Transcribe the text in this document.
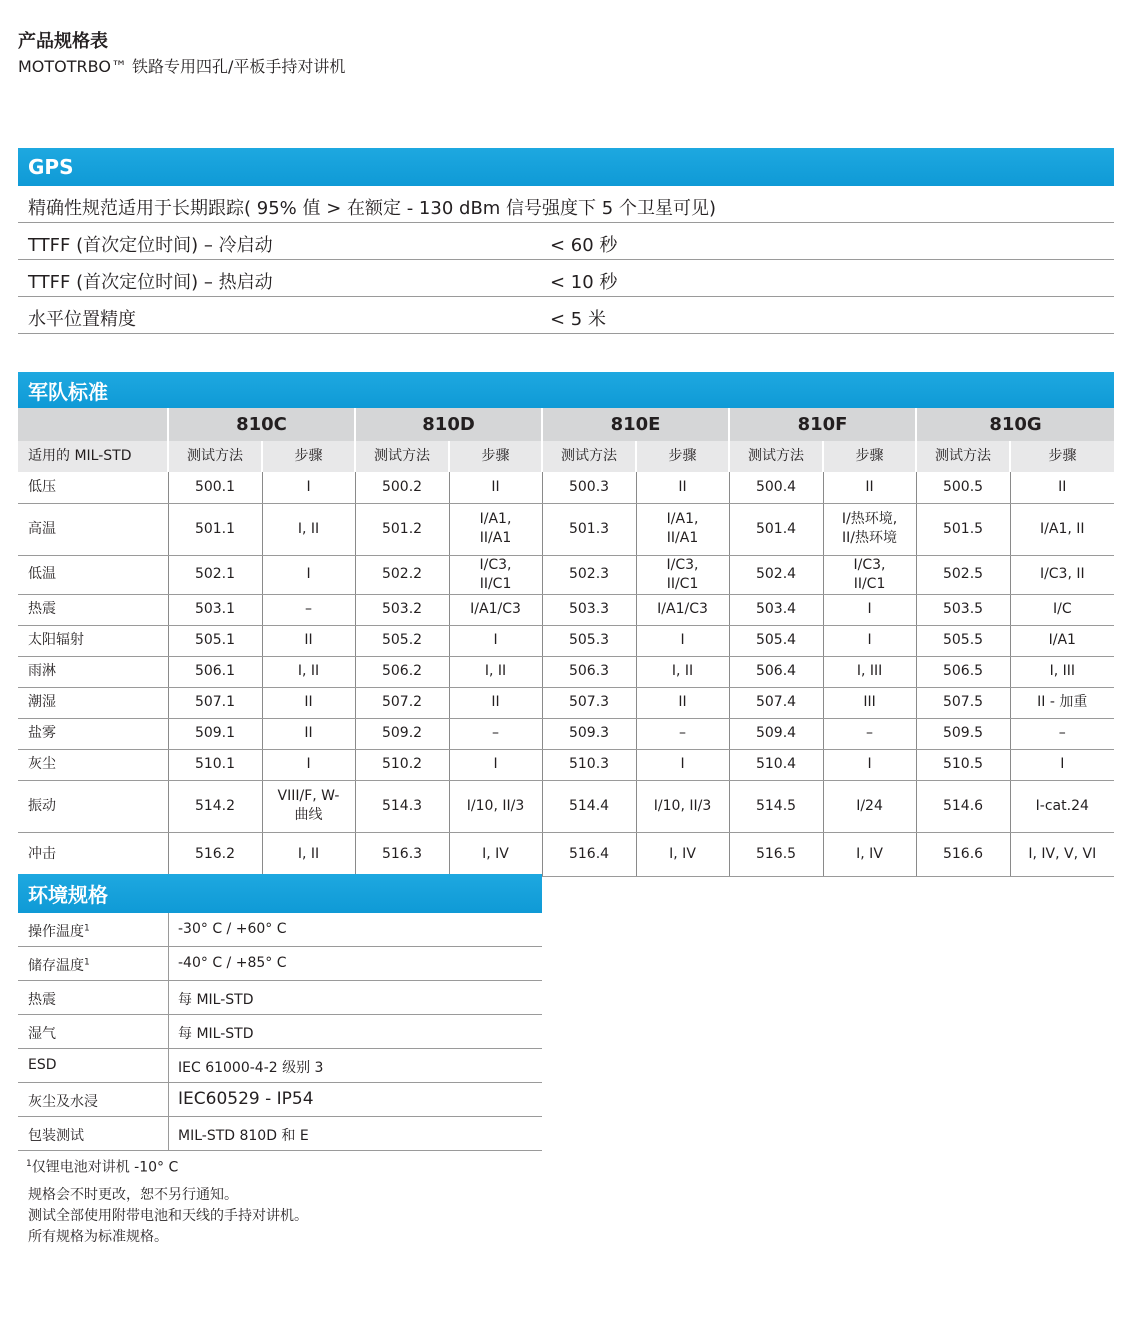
产品规格表
MOTOTRBO™ 铁路专用四孔/平板手持对讲机
GPS
精确性规范适用于长期跟踪( 95% 值 > 在额定 - 130 dBm 信号强度下 5 个卫星可见)
TTFF (首次定位时间) – 冷启动	< 60 秒
TTFF (首次定位时间) – 热启动	< 10 秒
水平位置精度	< 5 米
军队标准
	810C		810D		810E		810F		810G	
适用的 MIL-STD	测试方法	步骤	测试方法	步骤	测试方法	步骤	测试方法	步骤	测试方法	步骤
低压	500.1	I	500.2	II	500.3	II	500.4	II	500.5	II
高温	501.1	I, II	501.2	I/A1, II/A1	501.3	I/A1, II/A1	501.4	I/热环境, II/热环境	501.5	I/A1, II
低温	502.1	I	502.2	I/C3, II/C1	502.3	I/C3, II/C1	502.4	I/C3, II/C1	502.5	I/C3, II
热震	503.1	–	503.2	I/A1/C3	503.3	I/A1/C3	503.4	I	503.5	I/C
太阳辐射	505.1	II	505.2	I	505.3	I	505.4	I	505.5	I/A1
雨淋	506.1	I, II	506.2	I, II	506.3	I, II	506.4	I, III	506.5	I, III
潮湿	507.1	II	507.2	II	507.3	II	507.4	III	507.5	II - 加重
盐雾	509.1	II	509.2	–	509.3	–	509.4	–	509.5	–
灰尘	510.1	I	510.2	I	510.3	I	510.4	I	510.5	I
振动	514.2	VIII/F, W-曲线	514.3	I/10, II/3	514.4	I/10, II/3	514.5	I/24	514.6	I-cat.24
冲击	516.2	I, II	516.3	I, IV	516.4	I, IV	516.5	I, IV	516.6	I, IV, V, VI
环境规格
操作温度$^1$	-30° C / +60° C
储存温度$^1$	-40° C / +85° C
热震	每 MIL-STD
湿气	每 MIL-STD
ESD	IEC 61000-4-2 级别 3
灰尘及水浸	IEC60529 - IP54
包装测试	MIL-STD 810D 和 E
$^1$仅锂电池对讲机 -10° C
规格会不时更改，恕不另行通知。
测试全部使用附带电池和天线的手持对讲机。
所有规格为标准规格。
